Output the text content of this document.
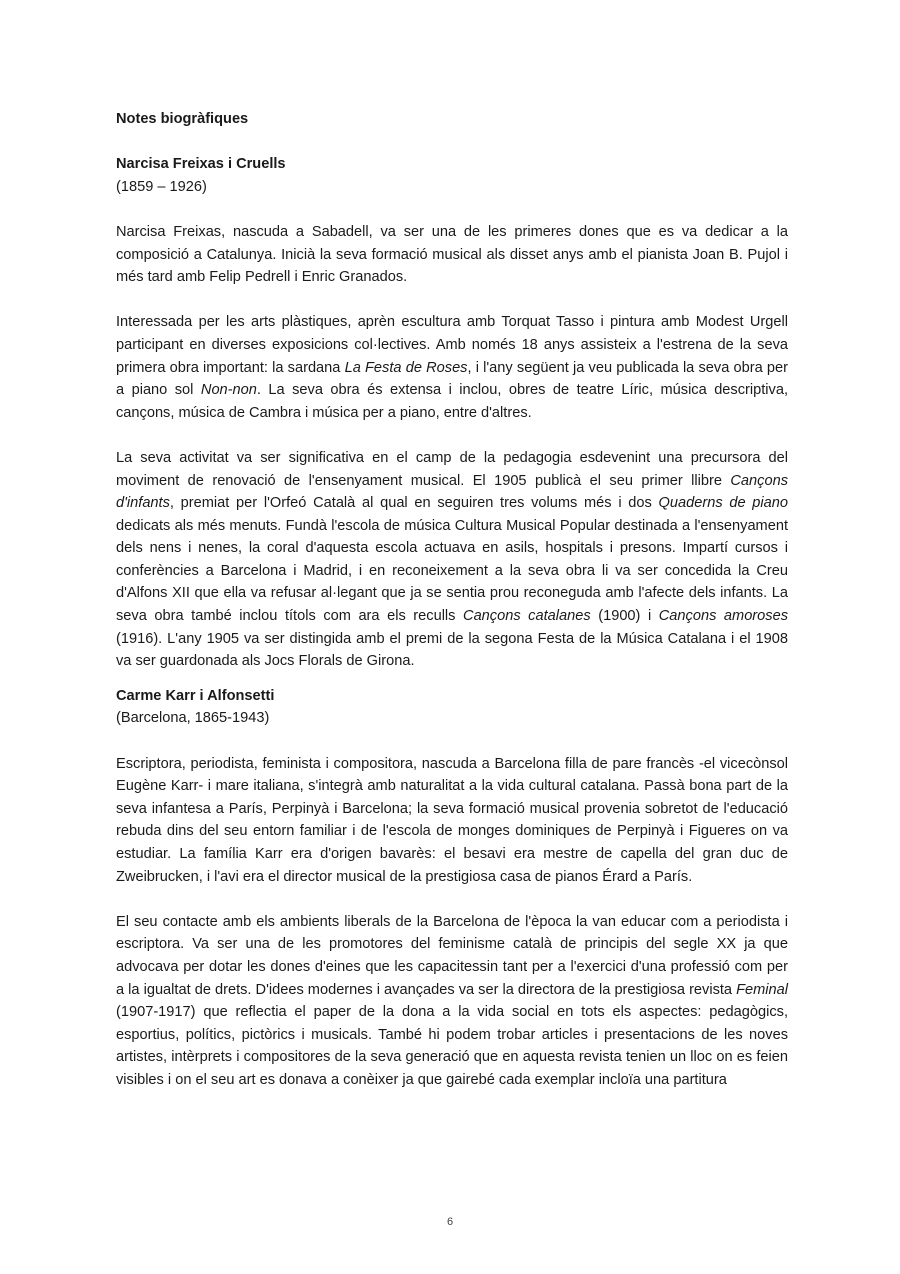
Notes biogràfiques

Narcisa Freixas i Cruells

(1859 – 1926)

Narcisa Freixas, nascuda a Sabadell, va ser una de les primeres dones que es va dedicar a la composició a Catalunya. Inicià la seva formació musical als disset anys amb el pianista Joan B. Pujol i més tard amb Felip Pedrell i Enric Granados.

Interessada per les arts plàstiques, aprèn escultura amb Torquat Tasso i pintura amb Modest Urgell participant en diverses exposicions col·lectives. Amb només 18 anys assisteix a l'estrena de la seva primera obra important: la sardana La Festa de Roses, i l'any següent ja veu publicada la seva obra per a piano sol Non-non. La seva obra és extensa i inclou, obres de teatre Líric, música descriptiva, cançons, música de Cambra i música per a piano, entre d'altres.

La seva activitat va ser significativa en el camp de la pedagogia esdevenint una precursora del moviment de renovació de l'ensenyament musical. El 1905 publicà el seu primer llibre Cançons d'infants, premiat per l'Orfeó Català al qual en seguiren tres volums més i dos Quaderns de piano dedicats als més menuts. Fundà l'escola de música Cultura Musical Popular destinada a l'ensenyament dels nens i nenes, la coral d'aquesta escola actuava en asils, hospitals i presons. Impartí cursos i conferències a Barcelona i Madrid, i en reconeixement a la seva obra li va ser concedida la Creu d'Alfons XII que ella va refusar al·legant que ja se sentia prou reconeguda amb l'afecte dels infants. La seva obra també inclou títols com ara els reculls Cançons catalanes (1900) i Cançons amoroses (1916). L'any 1905 va ser distingida amb el premi de la segona Festa de la Música Catalana i el 1908 va ser guardonada als Jocs Florals de Girona.

Carme Karr i Alfonsetti

(Barcelona, 1865-1943)

Escriptora, periodista, feminista i compositora, nascuda a Barcelona filla de pare francès -el vicecònsol Eugène Karr- i mare italiana, s'integrà amb naturalitat a la vida cultural catalana. Passà bona part de la seva infantesa a París, Perpinyà i Barcelona; la seva formació musical provenia sobretot de l'educació rebuda dins del seu entorn familiar i de l'escola de monges dominiques de Perpinyà i Figueres on va estudiar. La família Karr era d'origen bavarès: el besavi era mestre de capella del gran duc de Zweibrucken, i l'avi era el director musical de la prestigiosa casa de pianos Érard a París.

El seu contacte amb els ambients liberals de la Barcelona de l'època la van educar com a periodista i escriptora. Va ser una de les promotores del feminisme català de principis del segle XX ja que advocava per dotar les dones d'eines que les capacitessin tant per a l'exercici d'una professió com per a la igualtat de drets. D'idees modernes i avançades va ser la directora de la prestigiosa revista Feminal (1907-1917) que reflectia el paper de la dona a la vida social en tots els aspectes: pedagògics, esportius, polítics, pictòrics i musicals. També hi podem trobar articles i presentacions de les noves artistes, intèrprets i compositores de la seva generació que en aquesta revista tenien un lloc on es feien visibles i on el seu art es donava a conèixer ja que gairebé cada exemplar incloïa una partitura

6
